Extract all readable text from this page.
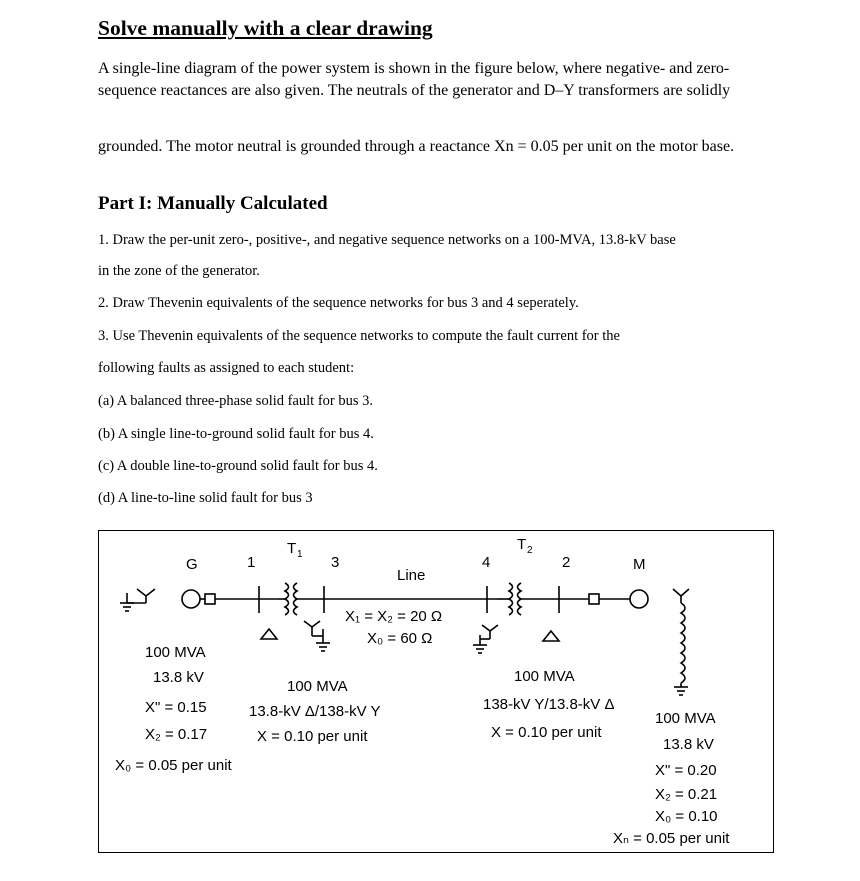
Solve manually with a clear drawing
A single-line diagram of the power system is shown in the figure below, where negative- and zero-sequence reactances are also given. The neutrals of the generator and D–Y transformers are solidly
grounded. The motor neutral is grounded through a reactance Xn = 0.05 per unit on the motor base.
Part I: Manually Calculated
1. Draw the per-unit zero-, positive-, and negative sequence networks on a 100-MVA, 13.8-kV base
in the zone of the generator.
2. Draw Thevenin equivalents of the sequence networks for bus 3 and 4 seperately.
3. Use Thevenin equivalents of the sequence networks to compute the fault current for the
following faults as assigned to each student:
(a) A balanced three-phase solid fault for bus 3.
(b) A single line-to-ground solid fault for bus 4.
(c) A double line-to-ground solid fault for bus 4.
(d) A line-to-line solid fault for bus 3
G	1
T 1 3
Line
4
T 2
2	M
X₁ = X₂ = 20 Ω
X₀ = 60 Ω
100 MVA
13.8 kV
X" = 0.15
X₂ = 0.17
X₀ = 0.05 per unit
100 MVA
13.8-kV Δ/138-kV Y
X = 0.10 per unit
100 MVA
138-kV Y/13.8-kV Δ
X = 0.10 per unit
100 MVA
13.8 kV
X" = 0.20
X₂ = 0.21
X₀ = 0.10
Xₙ = 0.05 per unit
